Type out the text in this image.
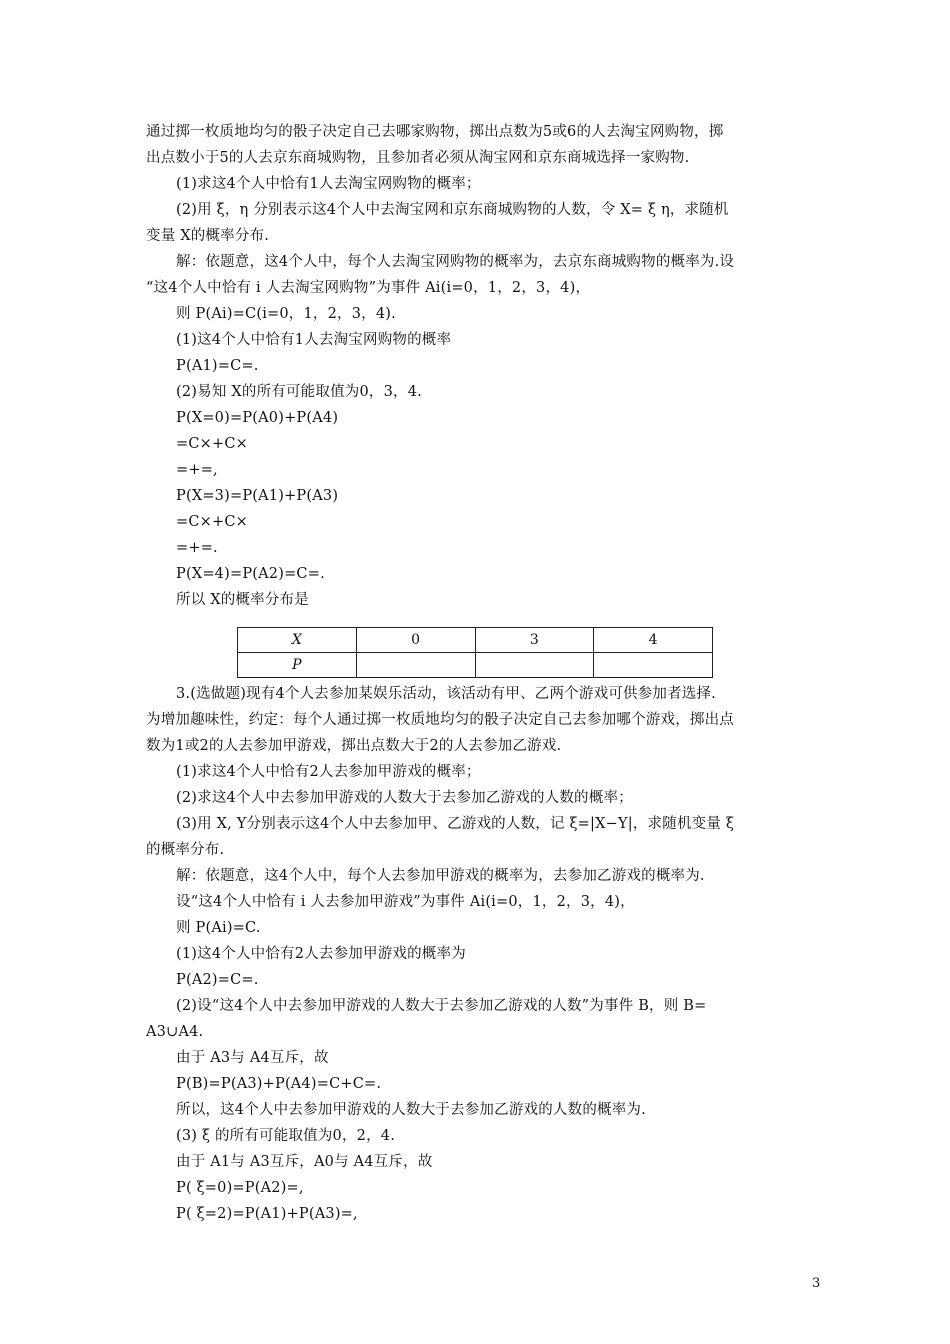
通过掷一枚质地均匀的骰子决定自己去哪家购物，掷出点数为5或6的人去淘宝网购物，掷
出点数小于5的人去京东商城购物，且参加者必须从淘宝网和京东商城选择一家购物.
(1)求这4个人中恰有1人去淘宝网购物的概率；
(2)用 ξ，η 分别表示这4个人中去淘宝网和京东商城购物的人数，令 X= ξ η，求随机
变量 X的概率分布.
解：依题意，这4个人中，每个人去淘宝网购物的概率为，去京东商城购物的概率为.设
“这4个人中恰有 i 人去淘宝网购物”为事件 Ai(i=0，1，2，3，4)，
则 P(Ai)=C(i=0，1，2，3，4).
(1)这4个人中恰有1人去淘宝网购物的概率
P(A1)=C=.
(2)易知 X的所有可能取值为0，3，4.
P(X=0)=P(A0)+P(A4)
=C×+C×
=+=,
P(X=3)=P(A1)+P(A3)
=C×+C×
=+=.
P(X=4)=P(A2)=C=.
所以 X的概率分布是
X	0	3	4
P			
3.(选做题)现有4个人去参加某娱乐活动，该活动有甲、乙两个游戏可供参加者选择.
为增加趣味性，约定：每个人通过掷一枚质地均匀的骰子决定自己去参加哪个游戏，掷出点
数为1或2的人去参加甲游戏，掷出点数大于2的人去参加乙游戏.
(1)求这4个人中恰有2人去参加甲游戏的概率；
(2)求这4个人中去参加甲游戏的人数大于去参加乙游戏的人数的概率；
(3)用 X, Y分别表示这4个人中去参加甲、乙游戏的人数，记 ξ=|X−Y|，求随机变量 ξ
的概率分布.
解：依题意，这4个人中，每个人去参加甲游戏的概率为，去参加乙游戏的概率为.
设“这4个人中恰有 i 人去参加甲游戏”为事件 Ai(i=0，1，2，3，4)，
则 P(Ai)=C.
(1)这4个人中恰有2人去参加甲游戏的概率为
P(A2)=C=.
(2)设“这4个人中去参加甲游戏的人数大于去参加乙游戏的人数”为事件 B，则 B=
A3∪A4.
由于 A3与 A4互斥，故
P(B)=P(A3)+P(A4)=C+C=.
所以，这4个人中去参加甲游戏的人数大于去参加乙游戏的人数的概率为.
(3) ξ 的所有可能取值为0，2，4.
由于 A1与 A3互斥，A0与 A4互斥，故
P( ξ=0)=P(A2)=,
P( ξ=2)=P(A1)+P(A3)=,
3
